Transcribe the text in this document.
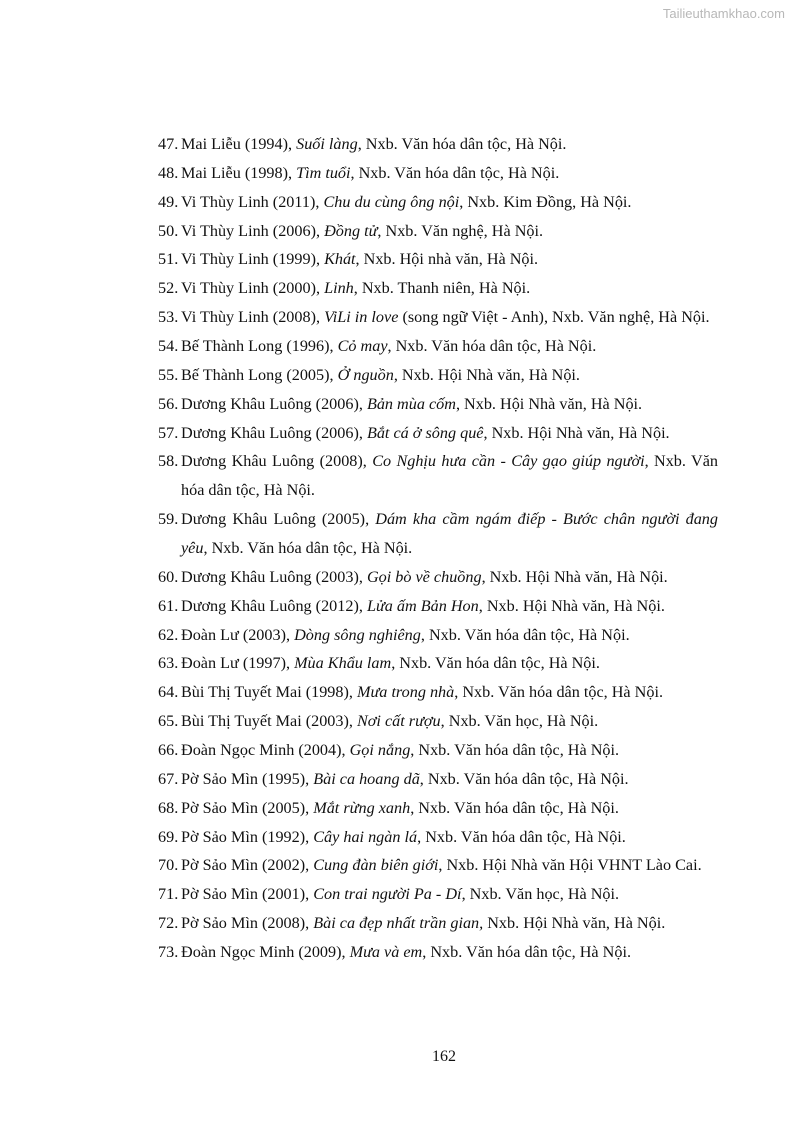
Tailieuthamkhao.com
47. Mai Liễu (1994), Suối làng, Nxb. Văn hóa dân tộc, Hà Nội.
48. Mai Liễu (1998), Tìm tuổi, Nxb. Văn hóa dân tộc, Hà Nội.
49. Vi Thùy Linh (2011), Chu du cùng ông nội, Nxb. Kim Đồng, Hà Nội.
50. Vi Thùy Linh (2006), Đồng tử, Nxb. Văn nghệ, Hà Nội.
51. Vi Thùy Linh (1999), Khát, Nxb. Hội nhà văn, Hà Nội.
52. Vi Thùy Linh (2000), Linh, Nxb. Thanh niên, Hà Nội.
53. Vi Thùy Linh (2008), ViLi in love (song ngữ Việt - Anh), Nxb. Văn nghệ, Hà Nội.
54. Bế Thành Long (1996), Cỏ may, Nxb. Văn hóa dân tộc, Hà Nội.
55. Bế Thành Long (2005), Ở nguồn, Nxb. Hội Nhà văn, Hà Nội.
56. Dương Khâu Luông (2006), Bản mùa cốm, Nxb. Hội Nhà văn, Hà Nội.
57. Dương Khâu Luông (2006), Bắt cá ở sông quê, Nxb. Hội Nhà văn, Hà Nội.
58. Dương Khâu Luông (2008), Co Nghịu hưa cần - Cây gạo giúp người, Nxb. Văn hóa dân tộc, Hà Nội.
59. Dương Khâu Luông (2005), Dám kha cầm ngám điếp - Bước chân người đang yêu, Nxb. Văn hóa dân tộc, Hà Nội.
60. Dương Khâu Luông (2003), Gọi bò về chuồng, Nxb. Hội Nhà văn, Hà Nội.
61. Dương Khâu Luông (2012), Lửa ấm Bản Hon, Nxb. Hội Nhà văn, Hà Nội.
62. Đoàn Lư (2003), Dòng sông nghiêng, Nxb. Văn hóa dân tộc, Hà Nội.
63. Đoàn Lư (1997), Mùa Khẩu lam, Nxb. Văn hóa dân tộc, Hà Nội.
64. Bùi Thị Tuyết Mai (1998), Mưa trong nhà, Nxb. Văn hóa dân tộc, Hà Nội.
65. Bùi Thị Tuyết Mai (2003), Nơi cất rượu, Nxb. Văn học, Hà Nội.
66. Đoàn Ngọc Minh (2004), Gọi nắng, Nxb. Văn hóa dân tộc, Hà Nội.
67. Pờ Sảo Mìn (1995), Bài ca hoang dã, Nxb. Văn hóa dân tộc, Hà Nội.
68. Pờ Sảo Mìn (2005), Mắt rừng xanh, Nxb. Văn hóa dân tộc, Hà Nội.
69. Pờ Sảo Mìn (1992), Cây hai ngàn lá, Nxb. Văn hóa dân tộc, Hà Nội.
70. Pờ Sảo Mìn (2002), Cung đàn biên giới, Nxb. Hội Nhà văn Hội VHNT Lào Cai.
71. Pờ Sảo Mìn (2001), Con trai người Pa - Dí, Nxb. Văn học, Hà Nội.
72. Pờ Sảo Mìn (2008), Bài ca đẹp nhất trần gian, Nxb. Hội Nhà văn, Hà Nội.
73. Đoàn Ngọc Minh (2009), Mưa và em, Nxb. Văn hóa dân tộc, Hà Nội.
162
